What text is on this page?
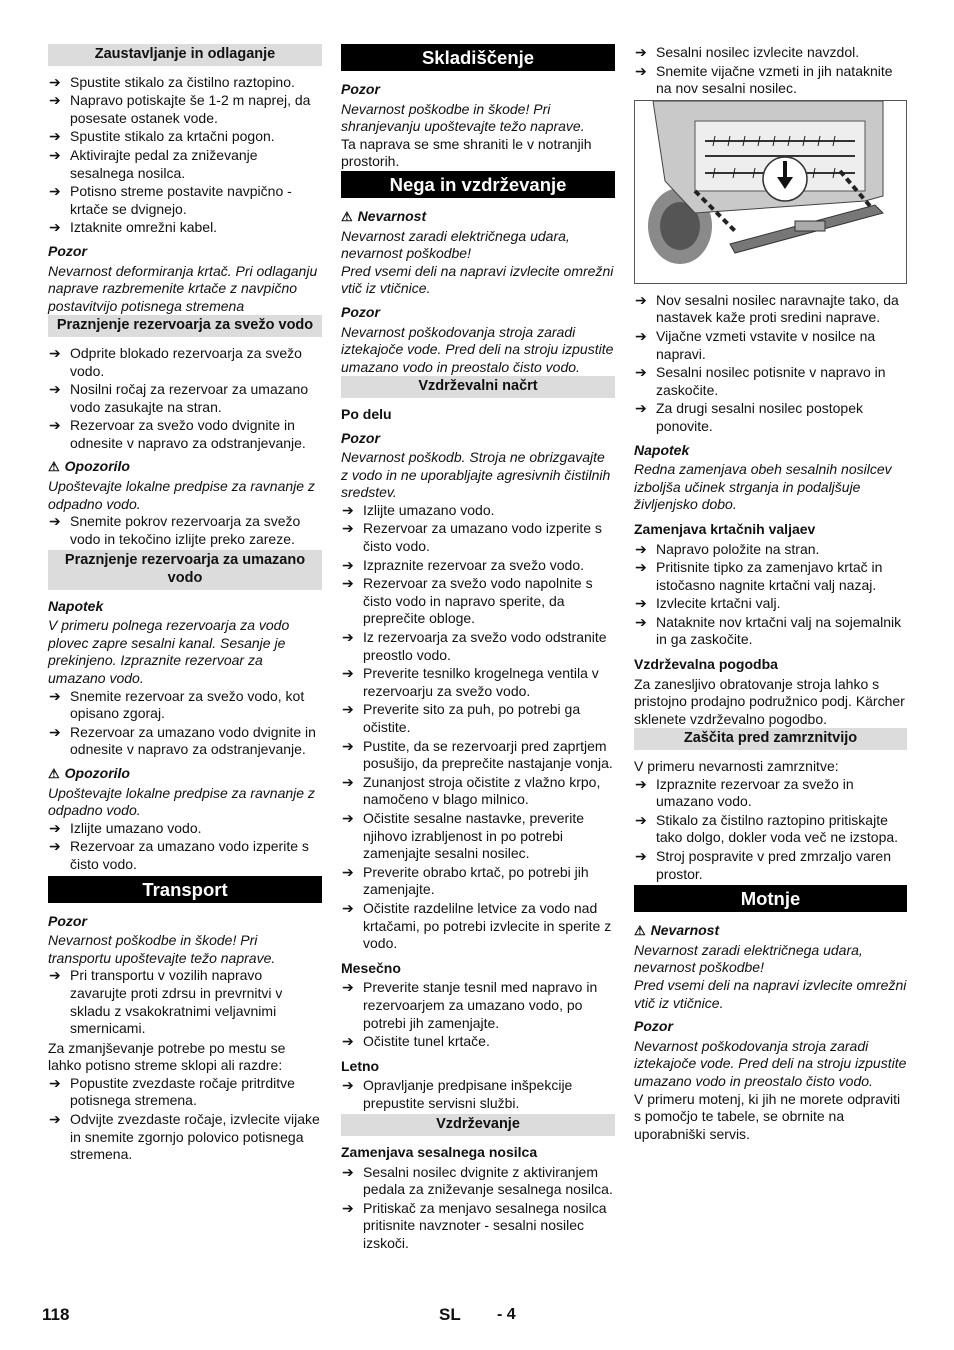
Zaustavljanje in odlaganje
➔ Spustite stikalo za čistilno raztopino.
➔ Napravo potiskajte še 1-2 m naprej, da posesate ostanek vode.
➔ Spustite stikalo za krtačni pogon.
➔ Aktivirajte pedal za zniževanje sesalnega nosilca.
➔ Potisno streme postavite navpično - krtače se dvignejo.
➔ Iztaknite omrežni kabel.
Pozor
Nevarnost deformiranja krtač. Pri odlaganju naprave razbremenite krtače z navpično postavitvijo potisnega stremena
Praznjenje rezervoarja za svežo vodo
➔ Odprite blokado rezervoarja za svežo vodo.
➔ Nosilni ročaj za rezervoar za umazano vodo zasukajte na stran.
➔ Rezervoar za svežo vodo dvignite in odnesite v napravo za odstranjevanje.
⚠ Opozorilo
Upoštevajte lokalne predpise za ravnanje z odpadno vodo.
➔ Snemite pokrov rezervoarja za svežo vodo in tekočino izlijte preko zareze.
Praznjenje rezervoarja za umazano vodo
Napotek
V primeru polnega rezervoarja za vodo plovec zapre sesalni kanal. Sesanje je prekinjeno. Izpraznite rezervoar za umazano vodo.
➔ Snemite rezervoar za svežo vodo, kot opisano zgoraj.
➔ Rezervoar za umazano vodo dvignite in odnesite v napravo za odstranjevanje.
⚠ Opozorilo
Upoštevajte lokalne predpise za ravnanje z odpadno vodo.
➔ Izlijte umazano vodo.
➔ Rezervoar za umazano vodo izperite s čisto vodo.
Transport
Pozor
Nevarnost poškodbe in škode! Pri transportu upoštevajte težo naprave.
➔ Pri transportu v vozilih napravo zavarujte proti zdrsu in prevrnitvi v skladu z vsakokratnimi veljavnimi smernicami.
Za zmanjševanje potrebe po mestu se lahko potisno streme sklopi ali razdre:
➔ Popustite zvezdaste ročaje pritrditve potisnega stremena.
➔ Odvijte zvezdaste ročaje, izvlecite vijake in snemite zgornjo polovico potisnega stremena.
Skladiščenje
Pozor
Nevarnost poškodbe in škode! Pri shranjevanju upoštevajte težo naprave.
Ta naprava se sme shraniti le v notranjih prostorih.
Nega in vzdrževanje
⚠ Nevarnost
Nevarnost zaradi električnega udara, nevarnost poškodbe!
Pred vsemi deli na napravi izvlecite omrežni vtič iz vtičnice.
Pozor
Nevarnost poškodovanja stroja zaradi iztekajoče vode. Pred deli na stroju izpustite umazano vodo in preostalo čisto vodo.
Vzdrževalni načrt
Po delu
Pozor
Nevarnost poškodb. Stroja ne obrizgavajte z vodo in ne uporabljajte agresivnih čistilnih sredstev.
➔ Izlijte umazano vodo.
➔ Rezervoar za umazano vodo izperite s čisto vodo.
➔ Izpraznite rezervoar za svežo vodo.
➔ Rezervoar za svežo vodo napolnite s čisto vodo in napravo sperite, da preprečite obloge.
➔ Iz rezervoarja za svežo vodo odstranite preostlo vodo.
➔ Preverite tesnilko krogelnega ventila v rezervoarju za svežo vodo.
➔ Preverite sito za puh, po potrebi ga očistite.
➔ Pustite, da se rezervoarji pred zaprtjem posušijo, da preprečite nastajanje vonja.
➔ Zunanjost stroja očistite z vlažno krpo, namočeno v blago milnico.
➔ Očistite sesalne nastavke, preverite njihovo izrabljenost in po potrebi zamenjajte sesalni nosilec.
➔ Preverite obrabo krtač, po potrebi jih zamenjajte.
➔ Očistite razdelilne letvice za vodo nad krtačami, po potrebi izvlecite in sperite z vodo.
Mesečno
➔ Preverite stanje tesnil med napravo in rezervoarjem za umazano vodo, po potrebi jih zamenjajte.
➔ Očistite tunel krtače.
Letno
➔ Opravljanje predpisane inšpekcije prepustite servisni službi.
Vzdrževanje
Zamenjava sesalnega nosilca
➔ Sesalni nosilec dvignite z aktiviranjem pedala za zniževanje sesalnega nosilca.
➔ Pritiskač za menjavo sesalnega nosilca pritisnite navznoter - sesalni nosilec izskoči.
➔ Sesalni nosilec izvlecite navzdol.
➔ Snemite vijačne vzmeti in jih nataknite na nov sesalni nosilec.
➔ Nov sesalni nosilec naravnajte tako, da nastavek kaže proti sredini naprave.
➔ Vijačne vzmeti vstavite v nosilce na napravi.
➔ Sesalni nosilec potisnite v napravo in zaskočite.
➔ Za drugi sesalni nosilec postopek ponovite.
Napotek
Redna zamenjava obeh sesalnih nosilcev izboljša učinek strganja in podaljšuje življenjsko dobo.
Zamenjava krtačnih valjaev
➔ Napravo položite na stran.
➔ Pritisnite tipko za zamenjavo krtač in istočasno nagnite krtačni valj nazaj.
➔ Izvlecite krtačni valj.
➔ Nataknite nov krtačni valj na sojemalnik in ga zaskočite.
Vzdrževalna pogodba
Za zanesljivo obratovanje stroja lahko s pristojno prodajno podružnico podj. Kärcher sklenete vzdrževalno pogodbo.
Zaščita pred zamrznitvijo
V primeru nevarnosti zamrznitve:
➔ Izpraznite rezervoar za svežo in umazano vodo.
➔ Stikalo za čistilno raztopino pritiskajte tako dolgo, dokler voda več ne izstopa.
➔ Stroj pospravite v pred zmrzaljo varen prostor.
Motnje
⚠ Nevarnost
Nevarnost zaradi električnega udara, nevarnost poškodbe!
Pred vsemi deli na napravi izvlecite omrežni vtič iz vtičnice.
Pozor
Nevarnost poškodovanja stroja zaradi iztekajoče vode. Pred deli na stroju izpustite umazano vodo in preostalo čisto vodo.
V primeru motenj, ki jih ne morete odpraviti s pomočjo te tabele, se obrnite na uporabniški servis.
118	SL - 4
